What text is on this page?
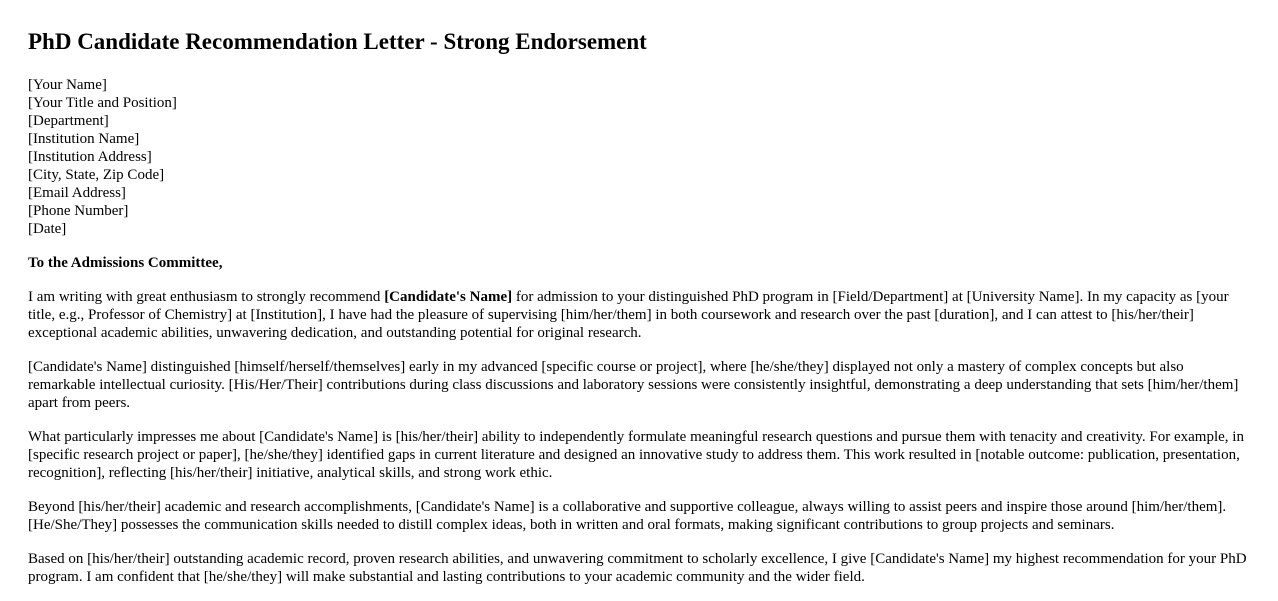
PhD Candidate Recommendation Letter - Strong Endorsement
[Your Name]
[Your Title and Position]
[Department]
[Institution Name]
[Institution Address]
[City, State, Zip Code]
[Email Address]
[Phone Number]
[Date]
To the Admissions Committee,

I am writing with great enthusiasm to strongly recommend [Candidate's Name] for admission to your distinguished PhD program in [Field/Department] at [University Name]. In my capacity as [your title, e.g., Professor of Chemistry] at [Institution], I have had the pleasure of supervising [him/her/them] in both coursework and research over the past [duration], and I can attest to [his/her/their] exceptional academic abilities, unwavering dedication, and outstanding potential for original research.

[Candidate's Name] distinguished [himself/herself/themselves] early in my advanced [specific course or project], where [he/she/they] displayed not only a mastery of complex concepts but also remarkable intellectual curiosity. [His/Her/Their] contributions during class discussions and laboratory sessions were consistently insightful, demonstrating a deep understanding that sets [him/her/them] apart from peers.

What particularly impresses me about [Candidate's Name] is [his/her/their] ability to independently formulate meaningful research questions and pursue them with tenacity and creativity. For example, in [specific research project or paper], [he/she/they] identified gaps in current literature and designed an innovative study to address them. This work resulted in [notable outcome: publication, presentation, recognition], reflecting [his/her/their] initiative, analytical skills, and strong work ethic.

Beyond [his/her/their] academic and research accomplishments, [Candidate's Name] is a collaborative and supportive colleague, always willing to assist peers and inspire those around [him/her/them]. [He/She/They] possesses the communication skills needed to distill complex ideas, both in written and oral formats, making significant contributions to group projects and seminars.

Based on [his/her/their] outstanding academic record, proven research abilities, and unwavering commitment to scholarly excellence, I give [Candidate's Name] my highest recommendation for your PhD program. I am confident that [he/she/they] will make substantial and lasting contributions to your academic community and the wider field.
